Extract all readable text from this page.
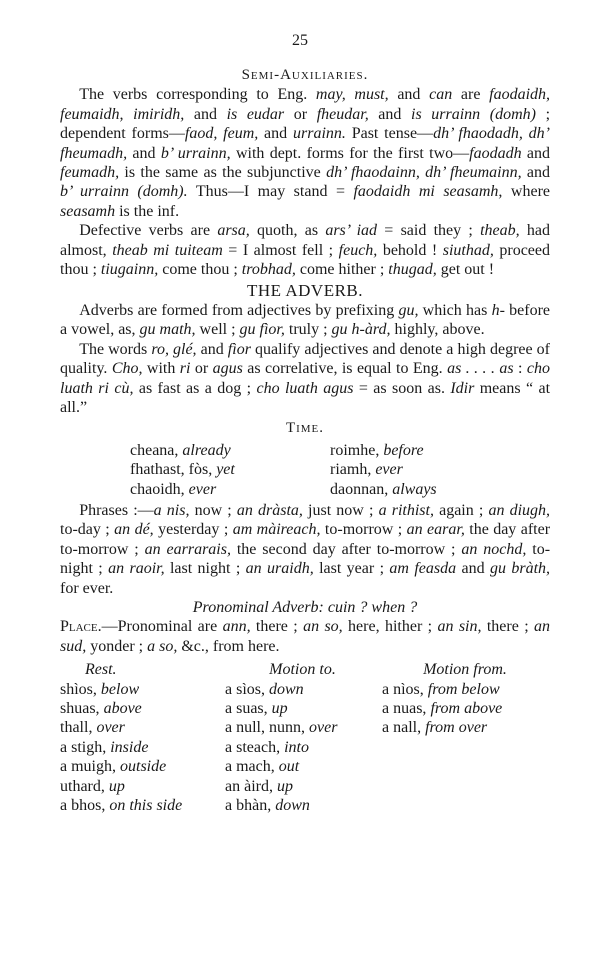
25
Semi-Auxiliaries.

The verbs corresponding to Eng. may, must, and can are faodaidh, feumaidh, imiridh, and is eudar or fheudar, and is urrainn (domh) ; dependent forms—faod, feum, and urrainn. Past tense—dh’ fhaodadh, dh’ fheumadh, and b’ urrainn, with dept. forms for the first two—faodadh and feumadh, is the same as the subjunctive dh’ fhaodainn, dh’ fheumainn, and b’ urrainn (domh). Thus—I may stand = faodaidh mi seasamh, where seasamh is the inf.

Defective verbs are arsa, quoth, as ars’ iad = said they ; theab, had almost, theab mi tuiteam = I almost fell ; feuch, behold ! siuthad, proceed thou ; tiugainn, come thou ; trobhad, come hither ; thugad, get out !

THE ADVERB.

Adverbs are formed from adjectives by prefixing gu, which has h- before a vowel, as, gu math, well ; gu fìor, truly ; gu h-àrd, highly, above.

The words ro, glé, and fìor qualify adjectives and denote a high degree of quality. Cho, with ri or agus as correlative, is equal to Eng. as . . . . as : cho luath ri cù, as fast as a dog ; cho luath agus = as soon as. Idir means “ at all.”

Time.
cheana, already	roimhe, before
fhathast, fòs, yet	riamh, ever
chaoidh, ever	daonnan, always

Phrases :—a nis, now ; an dràsta, just now ; a rithist, again ; an diugh, to-day ; an dé, yesterday ; am màireach, to-morrow ; an earar, the day after to-morrow ; an earrarais, the second day after to-morrow ; an nochd, to-night ; an raoir, last night ; an uraidh, last year ; am feasda and gu bràth, for ever.

Pronominal Adverb: cuin ? when ?

Place.—Pronominal are ann, there ; an so, here, hither ; an sin, there ; an sud, yonder ; a so, &c., from here.

Rest.	Motion to.	Motion from.
shìos, below	a sìos, down	a nìos, from below
shuas, above	a suas, up	a nuas, from above
thall, over	a null, nunn, over	a nall, from over
a stigh, inside	a steach, into
a muigh, outside	a mach, out
uthard, up	an àird, up
a bhos, on this side	a bhàn, down
